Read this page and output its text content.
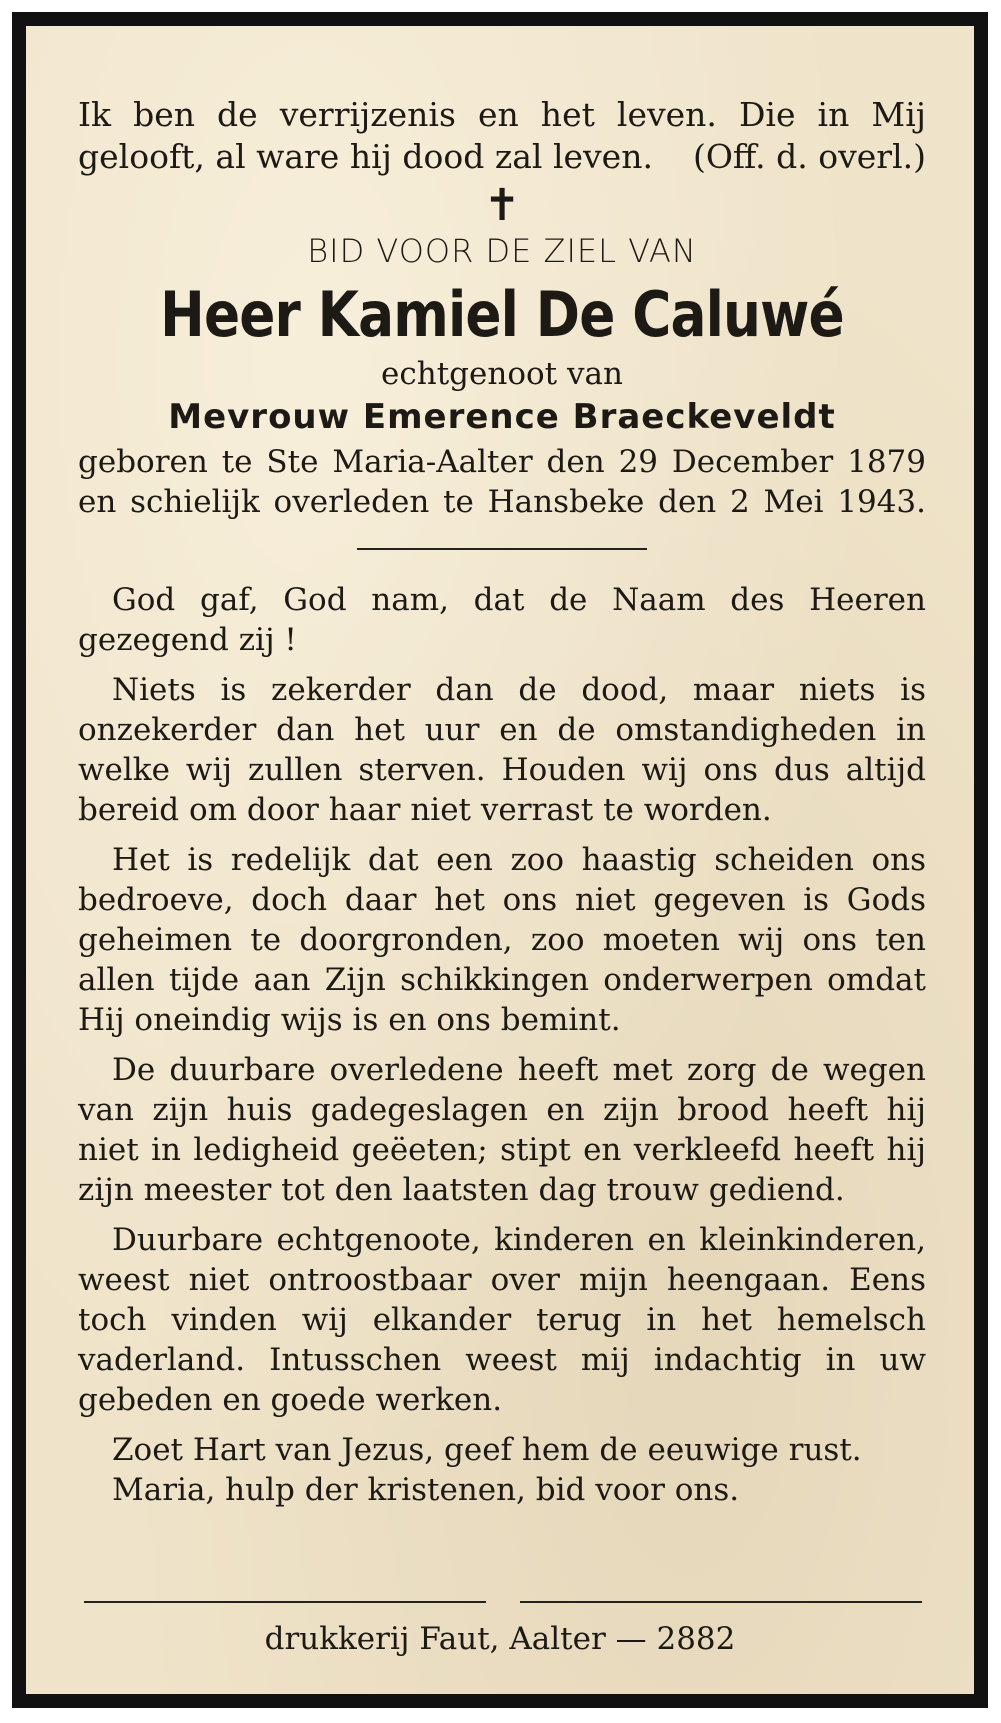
Ik ben de verrijzenis en het leven. Die in Mij
gelooft, al ware hij dood zal leven. (Off. d. overl.)
✝
BID VOOR DE ZIEL VAN
Heer Kamiel De Caluwé
echtgenoot van
Mevrouw Emerence Braeckeveldt
geboren te Ste Maria-Aalter den 29 December 1879
en schielijk overleden te Hansbeke den 2 Mei 1943.

God gaf, God nam, dat de Naam des Heeren gezegend zij !

Niets is zekerder dan de dood, maar niets is onzekerder dan het uur en de omstandigheden in welke wij zullen sterven. Houden wij ons dus altijd bereid om door haar niet verrast te worden.

Het is redelijk dat een zoo haastig scheiden ons bedroeve, doch daar het ons niet gegeven is Gods geheimen te doorgronden, zoo moeten wij ons ten allen tijde aan Zijn schikkingen onderwerpen omdat Hij oneindig wijs is en ons bemint.

De duurbare overledene heeft met zorg de wegen van zijn huis gadegeslagen en zijn brood heeft hij niet in ledigheid geëeten; stipt en verkleefd heeft hij zijn meester tot den laatsten dag trouw gediend.

Duurbare echtgenoote, kinderen en kleinkinderen, weest niet ontroostbaar over mijn heengaan. Eens toch vinden wij elkander terug in het hemelsch vaderland. Intusschen weest mij indachtig in uw gebeden en goede werken.

Zoet Hart van Jezus, geef hem de eeuwige rust.
Maria, hulp der kristenen, bid voor ons.
drukkerij Faut, Aalter — 2882
